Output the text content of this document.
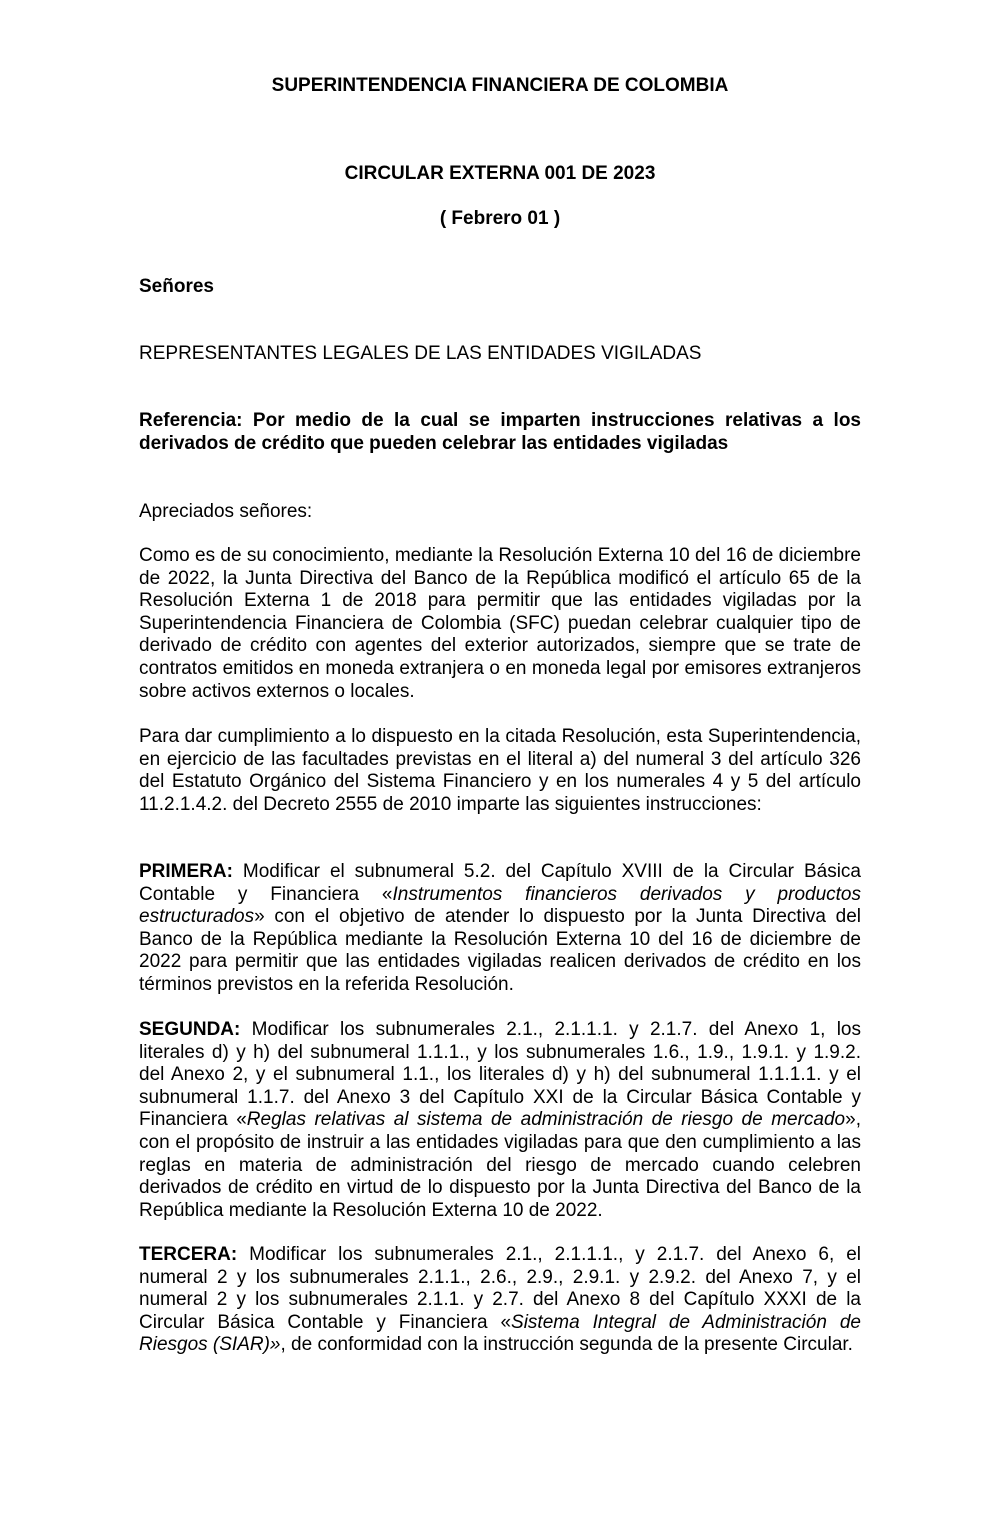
SUPERINTENDENCIA FINANCIERA DE COLOMBIA
CIRCULAR EXTERNA 001 DE 2023
( Febrero 01 )
Señores
REPRESENTANTES LEGALES DE LAS ENTIDADES VIGILADAS
Referencia: Por medio de la cual se imparten instrucciones relativas a los derivados de crédito que pueden celebrar las entidades vigiladas
Apreciados señores:
Como es de su conocimiento, mediante la Resolución Externa 10 del 16 de diciembre de 2022, la Junta Directiva del Banco de la República modificó el artículo 65 de la Resolución Externa 1 de 2018 para permitir que las entidades vigiladas por la Superintendencia Financiera de Colombia (SFC) puedan celebrar cualquier tipo de derivado de crédito con agentes del exterior autorizados, siempre que se trate de contratos emitidos en moneda extranjera o en moneda legal por emisores extranjeros sobre activos externos o locales.
Para dar cumplimiento a lo dispuesto en la citada Resolución, esta Superintendencia, en ejercicio de las facultades previstas en el literal a) del numeral 3 del artículo 326 del Estatuto Orgánico del Sistema Financiero y en los numerales 4 y 5 del artículo 11.2.1.4.2. del Decreto 2555 de 2010 imparte las siguientes instrucciones:
PRIMERA: Modificar el subnumeral 5.2. del Capítulo XVIII de la Circular Básica Contable y Financiera «Instrumentos financieros derivados y productos estructurados» con el objetivo de atender lo dispuesto por la Junta Directiva del Banco de la República mediante la Resolución Externa 10 del 16 de diciembre de 2022 para permitir que las entidades vigiladas realicen derivados de crédito en los términos previstos en la referida Resolución.
SEGUNDA: Modificar los subnumerales 2.1., 2.1.1.1. y 2.1.7. del Anexo 1, los literales d) y h) del subnumeral 1.1.1., y los subnumerales 1.6., 1.9., 1.9.1. y 1.9.2. del Anexo 2, y el subnumeral 1.1., los literales d) y h) del subnumeral 1.1.1.1. y el subnumeral 1.1.7. del Anexo 3 del Capítulo XXI de la Circular Básica Contable y Financiera «Reglas relativas al sistema de administración de riesgo de mercado», con el propósito de instruir a las entidades vigiladas para que den cumplimiento a las reglas en materia de administración del riesgo de mercado cuando celebren derivados de crédito en virtud de lo dispuesto por la Junta Directiva del Banco de la República mediante la Resolución Externa 10 de 2022.
TERCERA: Modificar los subnumerales 2.1., 2.1.1.1., y 2.1.7. del Anexo 6, el numeral 2 y los subnumerales 2.1.1., 2.6., 2.9., 2.9.1. y 2.9.2. del Anexo 7, y el numeral 2 y los subnumerales 2.1.1. y 2.7. del Anexo 8 del Capítulo XXXI de la Circular Básica Contable y Financiera «Sistema Integral de Administración de Riesgos (SIAR)», de conformidad con la instrucción segunda de la presente Circular.
